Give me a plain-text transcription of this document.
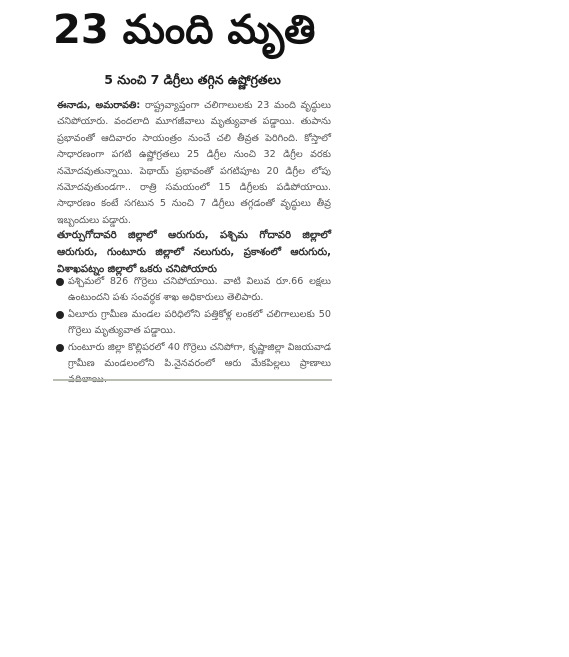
23 మంది మృతి
5 నుంచి 7 డిగ్రీలు తగ్గిన ఉష్ణోగ్రతలు

ఈనాడు, అమరావతి: రాష్ట్రవ్యాప్తంగా చలిగాలులకు 23 మంది వృద్ధులు చనిపోయారు. వందలాది మూగజీవాలు మృత్యువాత పడ్డాయి. తుపాను ప్రభావంతో ఆదివారం సాయంత్రం నుంచే చలి తీవ్రత పెరిగింది. కోస్తాలో సాధారణంగా పగటి ఉష్ణోగ్రతలు 25 డిగ్రీల నుంచి 32 డిగ్రీల వరకు నమోదవుతున్నాయి. పెథాయ్ ప్రభావంతో పగటిపూట 20 డిగ్రీల లోపు నమోదవుతుండగా.. రాత్రి సమయంలో 15 డిగ్రీలకు పడిపోయాయి. సాధారణం కంటే సగటున 5 నుంచి 7 డిగ్రీలు తగ్గడంతో వృద్ధులు తీవ్ర ఇబ్బందులు పడ్డారు.

తూర్పుగోదావరి జిల్లాలో ఆరుగురు, పశ్చిమ గోదావరి జిల్లాలో ఆరుగురు, గుంటూరు జిల్లాలో నలుగురు, ప్రకాశంలో ఆరుగురు, విశాఖపట్నం జిల్లాలో ఒకరు చనిపోయారు

పశ్చిమలో 826 గొర్రెలు చనిపోయాయి. వాటి విలువ రూ.66 లక్షలు ఉంటుందని పశు సంవర్ధక శాఖ అధికారులు తెలిపారు.
ఏలూరు గ్రామీణ మండల పరిధిలోని పత్తికోళ్ల లంకలో చలిగాలులకు 50 గొర్రెలు మృత్యువాత పడ్డాయి.
గుంటూరు జిల్లా కొల్లిపరలో 40 గొర్రెలు చనిపోగా, కృష్ణాజిల్లా విజయవాడ గ్రామీణ మండలంలోని పి.నైనవరంలో ఆరు మేకపిల్లలు ప్రాణాలు
